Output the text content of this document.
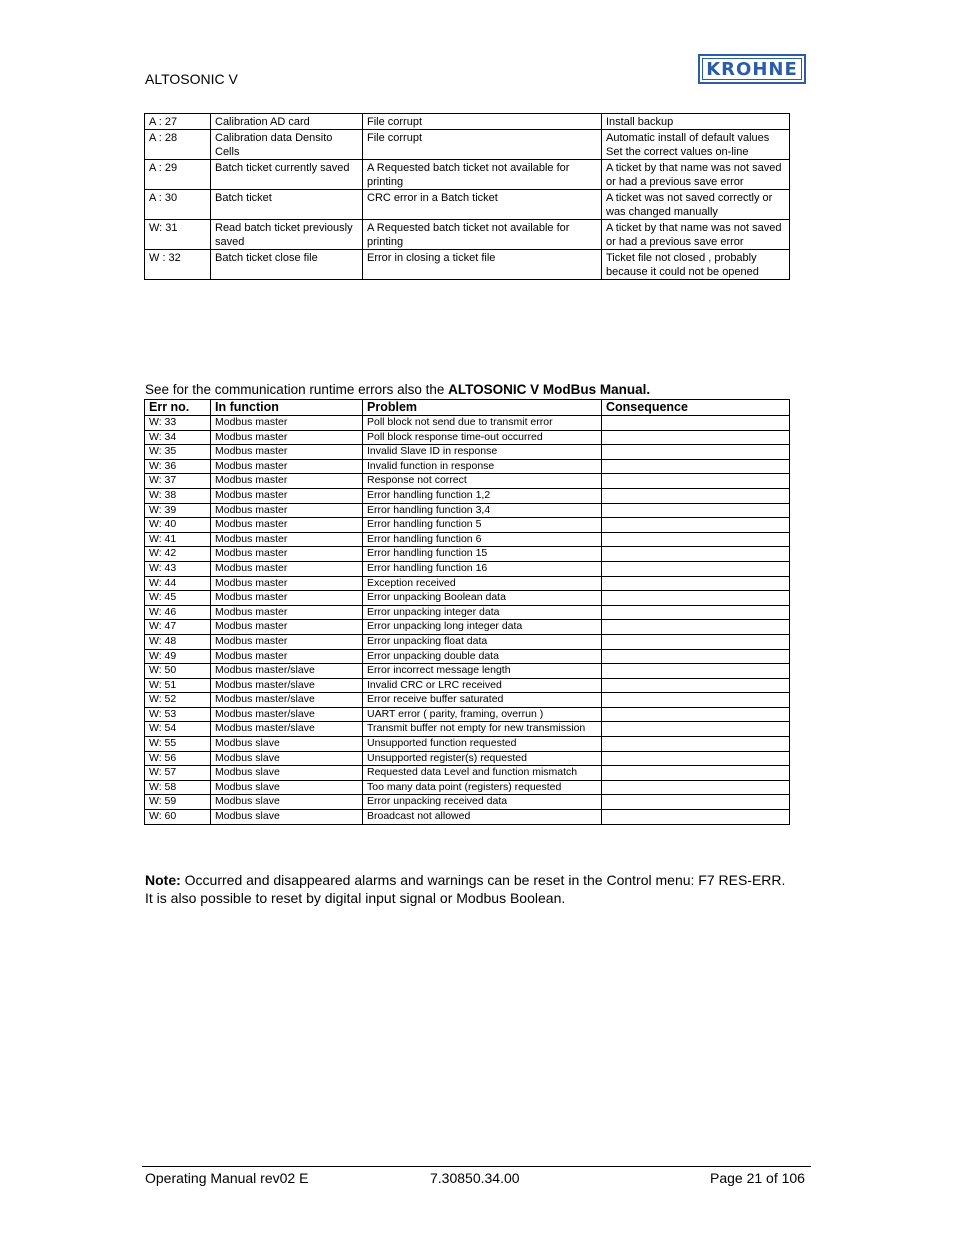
ALTOSONIC V	KROHNE
A : 27	Calibration AD card	File corrupt	Install backup
A : 28	Calibration data Densito Cells	File corrupt	Automatic install of default values Set the correct values on-line
A : 29	Batch ticket currently saved	A Requested batch ticket not available for printing	A ticket by that name was not saved or had a previous save error
A : 30	Batch ticket	CRC error in a Batch ticket	A ticket was not saved correctly or was changed manually
W: 31	Read batch ticket previously saved	A Requested batch ticket not available for printing	A ticket by that name was not saved or had a previous save error
W : 32	Batch ticket close file	Error in closing a ticket file	Ticket file not closed , probably because it could not be opened
See for the communication runtime errors also the ALTOSONIC V ModBus Manual.
Err no.	In function	Problem	Consequence
W: 33	Modbus master	Poll block not send due to transmit error	
W: 34	Modbus master	Poll block response time-out occurred	
W: 35	Modbus master	Invalid Slave ID in response	
W: 36	Modbus master	Invalid function in response	
W: 37	Modbus master	Response not correct	
W: 38	Modbus master	Error handling function 1,2	
W: 39	Modbus master	Error handling function 3,4	
W: 40	Modbus master	Error handling function 5	
W: 41	Modbus master	Error handling function 6	
W: 42	Modbus master	Error handling function 15	
W: 43	Modbus master	Error handling function 16	
W: 44	Modbus master	Exception received	
W: 45	Modbus master	Error unpacking Boolean data	
W: 46	Modbus master	Error unpacking integer data	
W: 47	Modbus master	Error unpacking long integer data	
W: 48	Modbus master	Error unpacking float data	
W: 49	Modbus master	Error unpacking double data	
W: 50	Modbus master/slave	Error incorrect message length	
W: 51	Modbus master/slave	Invalid CRC or LRC received	
W: 52	Modbus master/slave	Error receive buffer saturated	
W: 53	Modbus master/slave	UART error ( parity, framing, overrun )	
W: 54	Modbus master/slave	Transmit buffer not empty for new transmission	
W: 55	Modbus slave	Unsupported function requested	
W: 56	Modbus slave	Unsupported register(s) requested	
W: 57	Modbus slave	Requested data Level and function mismatch	
W: 58	Modbus slave	Too many data point (registers) requested	
W: 59	Modbus slave	Error unpacking received data	
W: 60	Modbus slave	Broadcast not allowed	
Note: Occurred and disappeared alarms and warnings can be reset in the Control menu: F7 RES-ERR. It is also possible to reset by digital input signal or Modbus Boolean.
Operating Manual rev02 E	7.30850.34.00	Page 21 of 106
